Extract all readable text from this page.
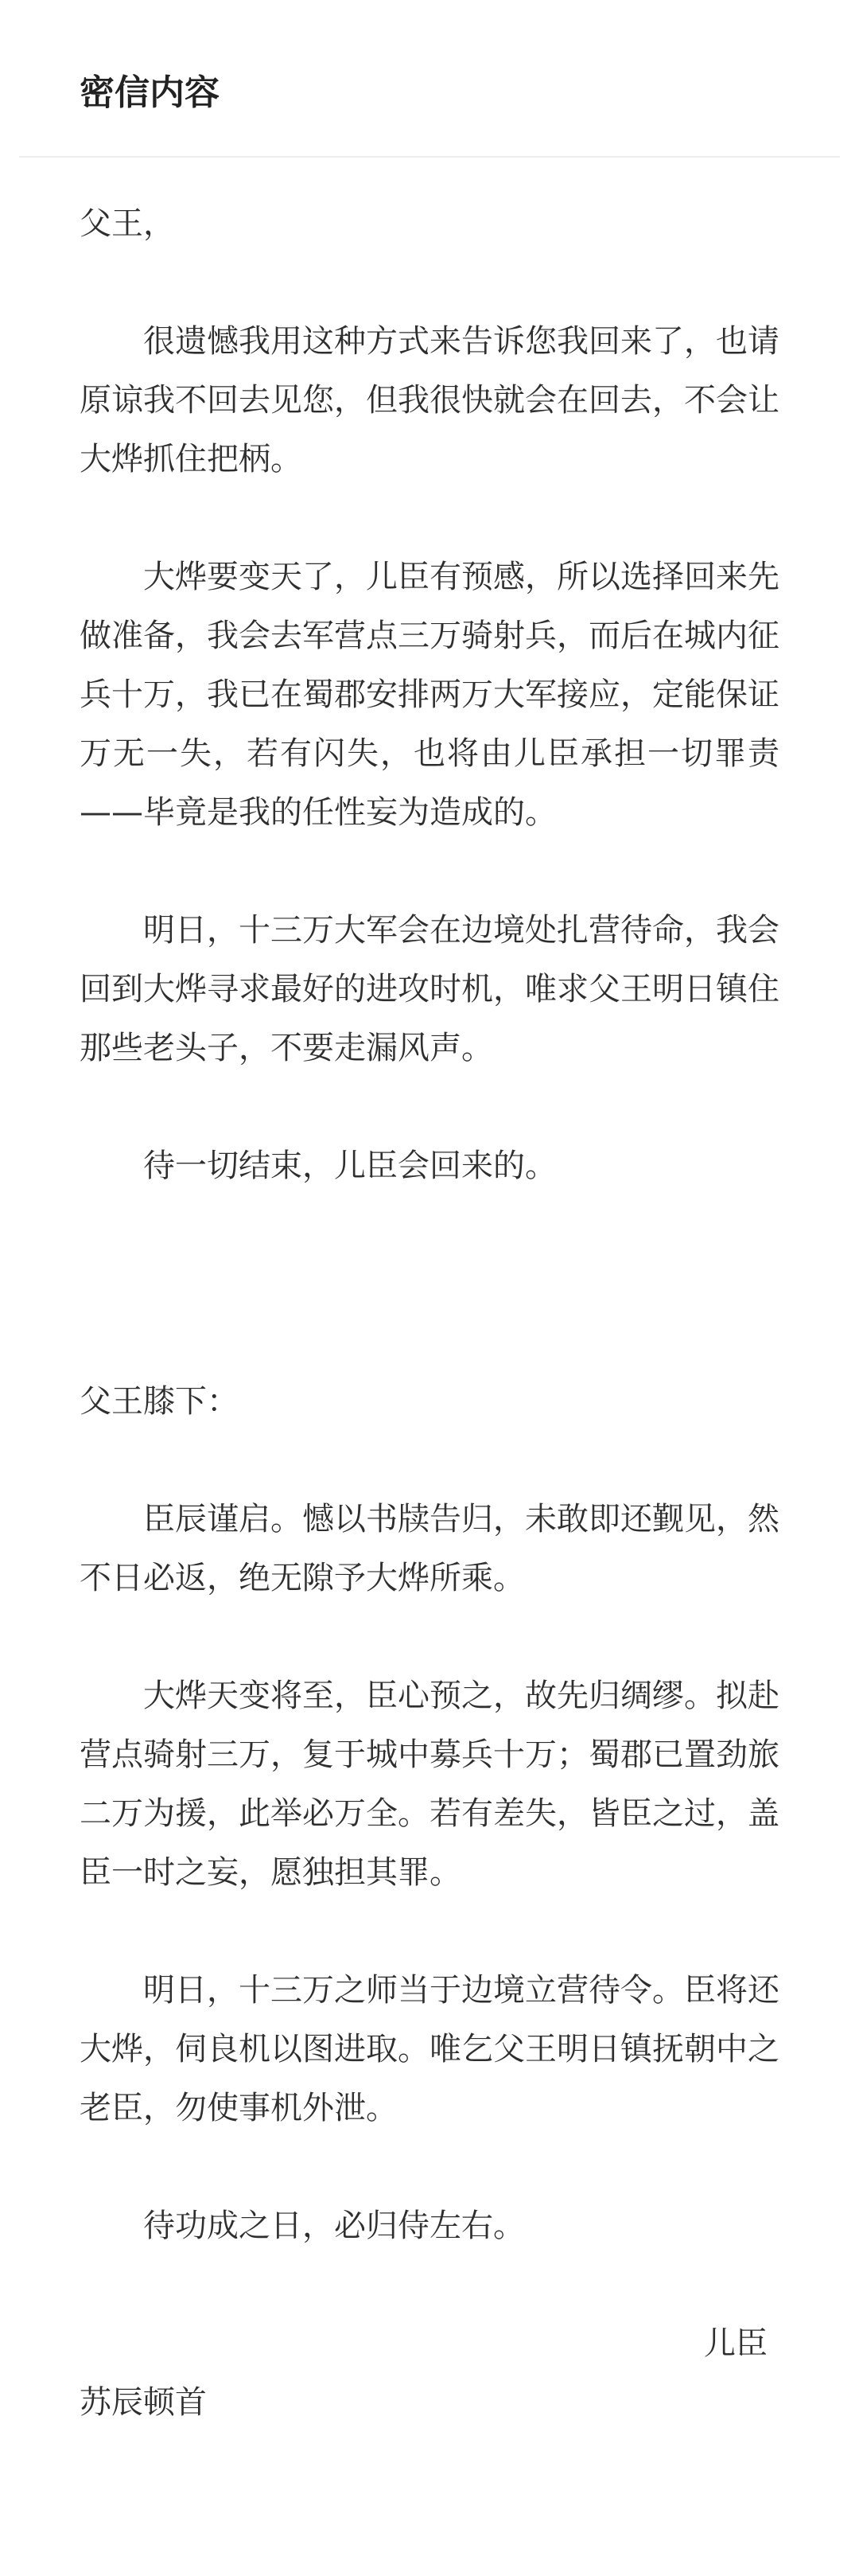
密信内容

父王，

很遗憾我用这种方式来告诉您我回来了，也请原谅我不回去见您，但我很快就会在回去，不会让大烨抓住把柄。

大烨要变天了，儿臣有预感，所以选择回来先做准备，我会去军营点三万骑射兵，而后在城内征兵十万，我已在蜀郡安排两万大军接应，定能保证万无一失，若有闪失，也将由儿臣承担一切罪责——毕竟是我的任性妄为造成的。

明日，十三万大军会在边境处扎营待命，我会回到大烨寻求最好的进攻时机，唯求父王明日镇住那些老头子，不要走漏风声。

待一切结束，儿臣会回来的。

父王膝下：

臣辰谨启。憾以书牍告归，未敢即还觐见，然不日必返，绝无隙予大烨所乘。

大烨天变将至，臣心预之，故先归绸缪。拟赴营点骑射三万，复于城中募兵十万；蜀郡已置劲旅二万为援，此举必万全。若有差失，皆臣之过，盖臣一时之妄，愿独担其罪。

明日，十三万之师当于边境立营待令。臣将还大烨，伺良机以图进取。唯乞父王明日镇抚朝中之老臣，勿使事机外泄。

待功成之日，必归侍左右。

儿臣

苏辰顿首
